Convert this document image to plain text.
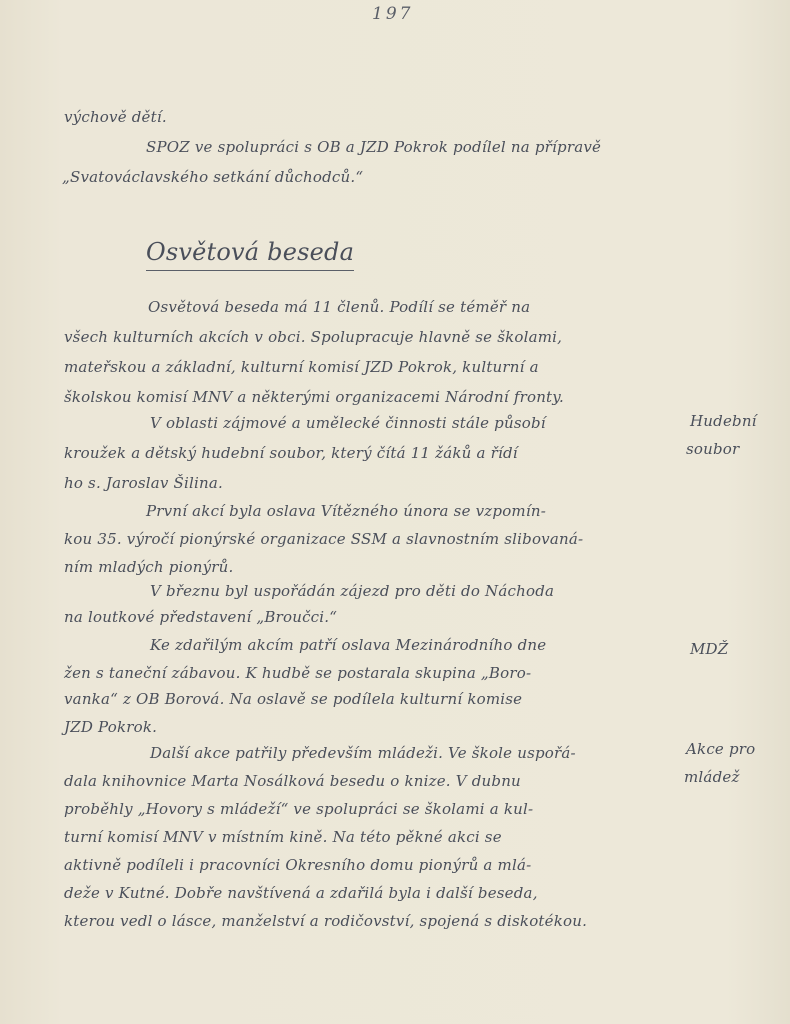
197
výchově dětí.
SPOZ ve spolupráci s OB a JZD Pokrok podílel na přípravě
„Svatováclavského setkání důchodců.“
Osvětová beseda
Osvětová beseda má 11 členů. Podílí se téměř na
všech kulturních akcích v obci. Spolupracuje hlavně se školami,
mateřskou a základní, kulturní komisí JZD Pokrok, kulturní a
školskou komisí MNV a některými organizacemi Národní fronty.
V oblasti zájmové a umělecké činnosti stále působí
kroužek a dětský hudební soubor, který čítá 11 žáků a řídí
ho s. Jaroslav Šilina.
První akcí byla oslava Vítězného února se vzpomín-
kou 35. výročí pionýrské organizace SSM a slavnostním slibovaná-
ním mladých pionýrů.
V březnu byl uspořádán zájezd pro děti do Náchoda
na loutkové představení „Broučci.“
Ke zdařilým akcím patří oslava Mezinárodního dne
žen s taneční zábavou. K hudbě se postarala skupina „Boro-
vanka“ z OB Borová. Na oslavě se podílela kulturní komise
JZD Pokrok.
Další akce patřily především mládeži. Ve škole uspořá-
dala knihovnice Marta Nosálková besedu o knize. V dubnu
proběhly „Hovory s mládeží“ ve spolupráci se školami a kul-
turní komisí MNV v místním kině. Na této pěkné akci se
aktivně podíleli i pracovníci Okresního domu pionýrů a mlá-
deže v Kutné. Dobře navštívená a zdařilá byla i další beseda,
kterou vedl o lásce, manželství a rodičovství, spojená s diskotékou.
Hudební
soubor
MDŽ
Akce pro
mládež
